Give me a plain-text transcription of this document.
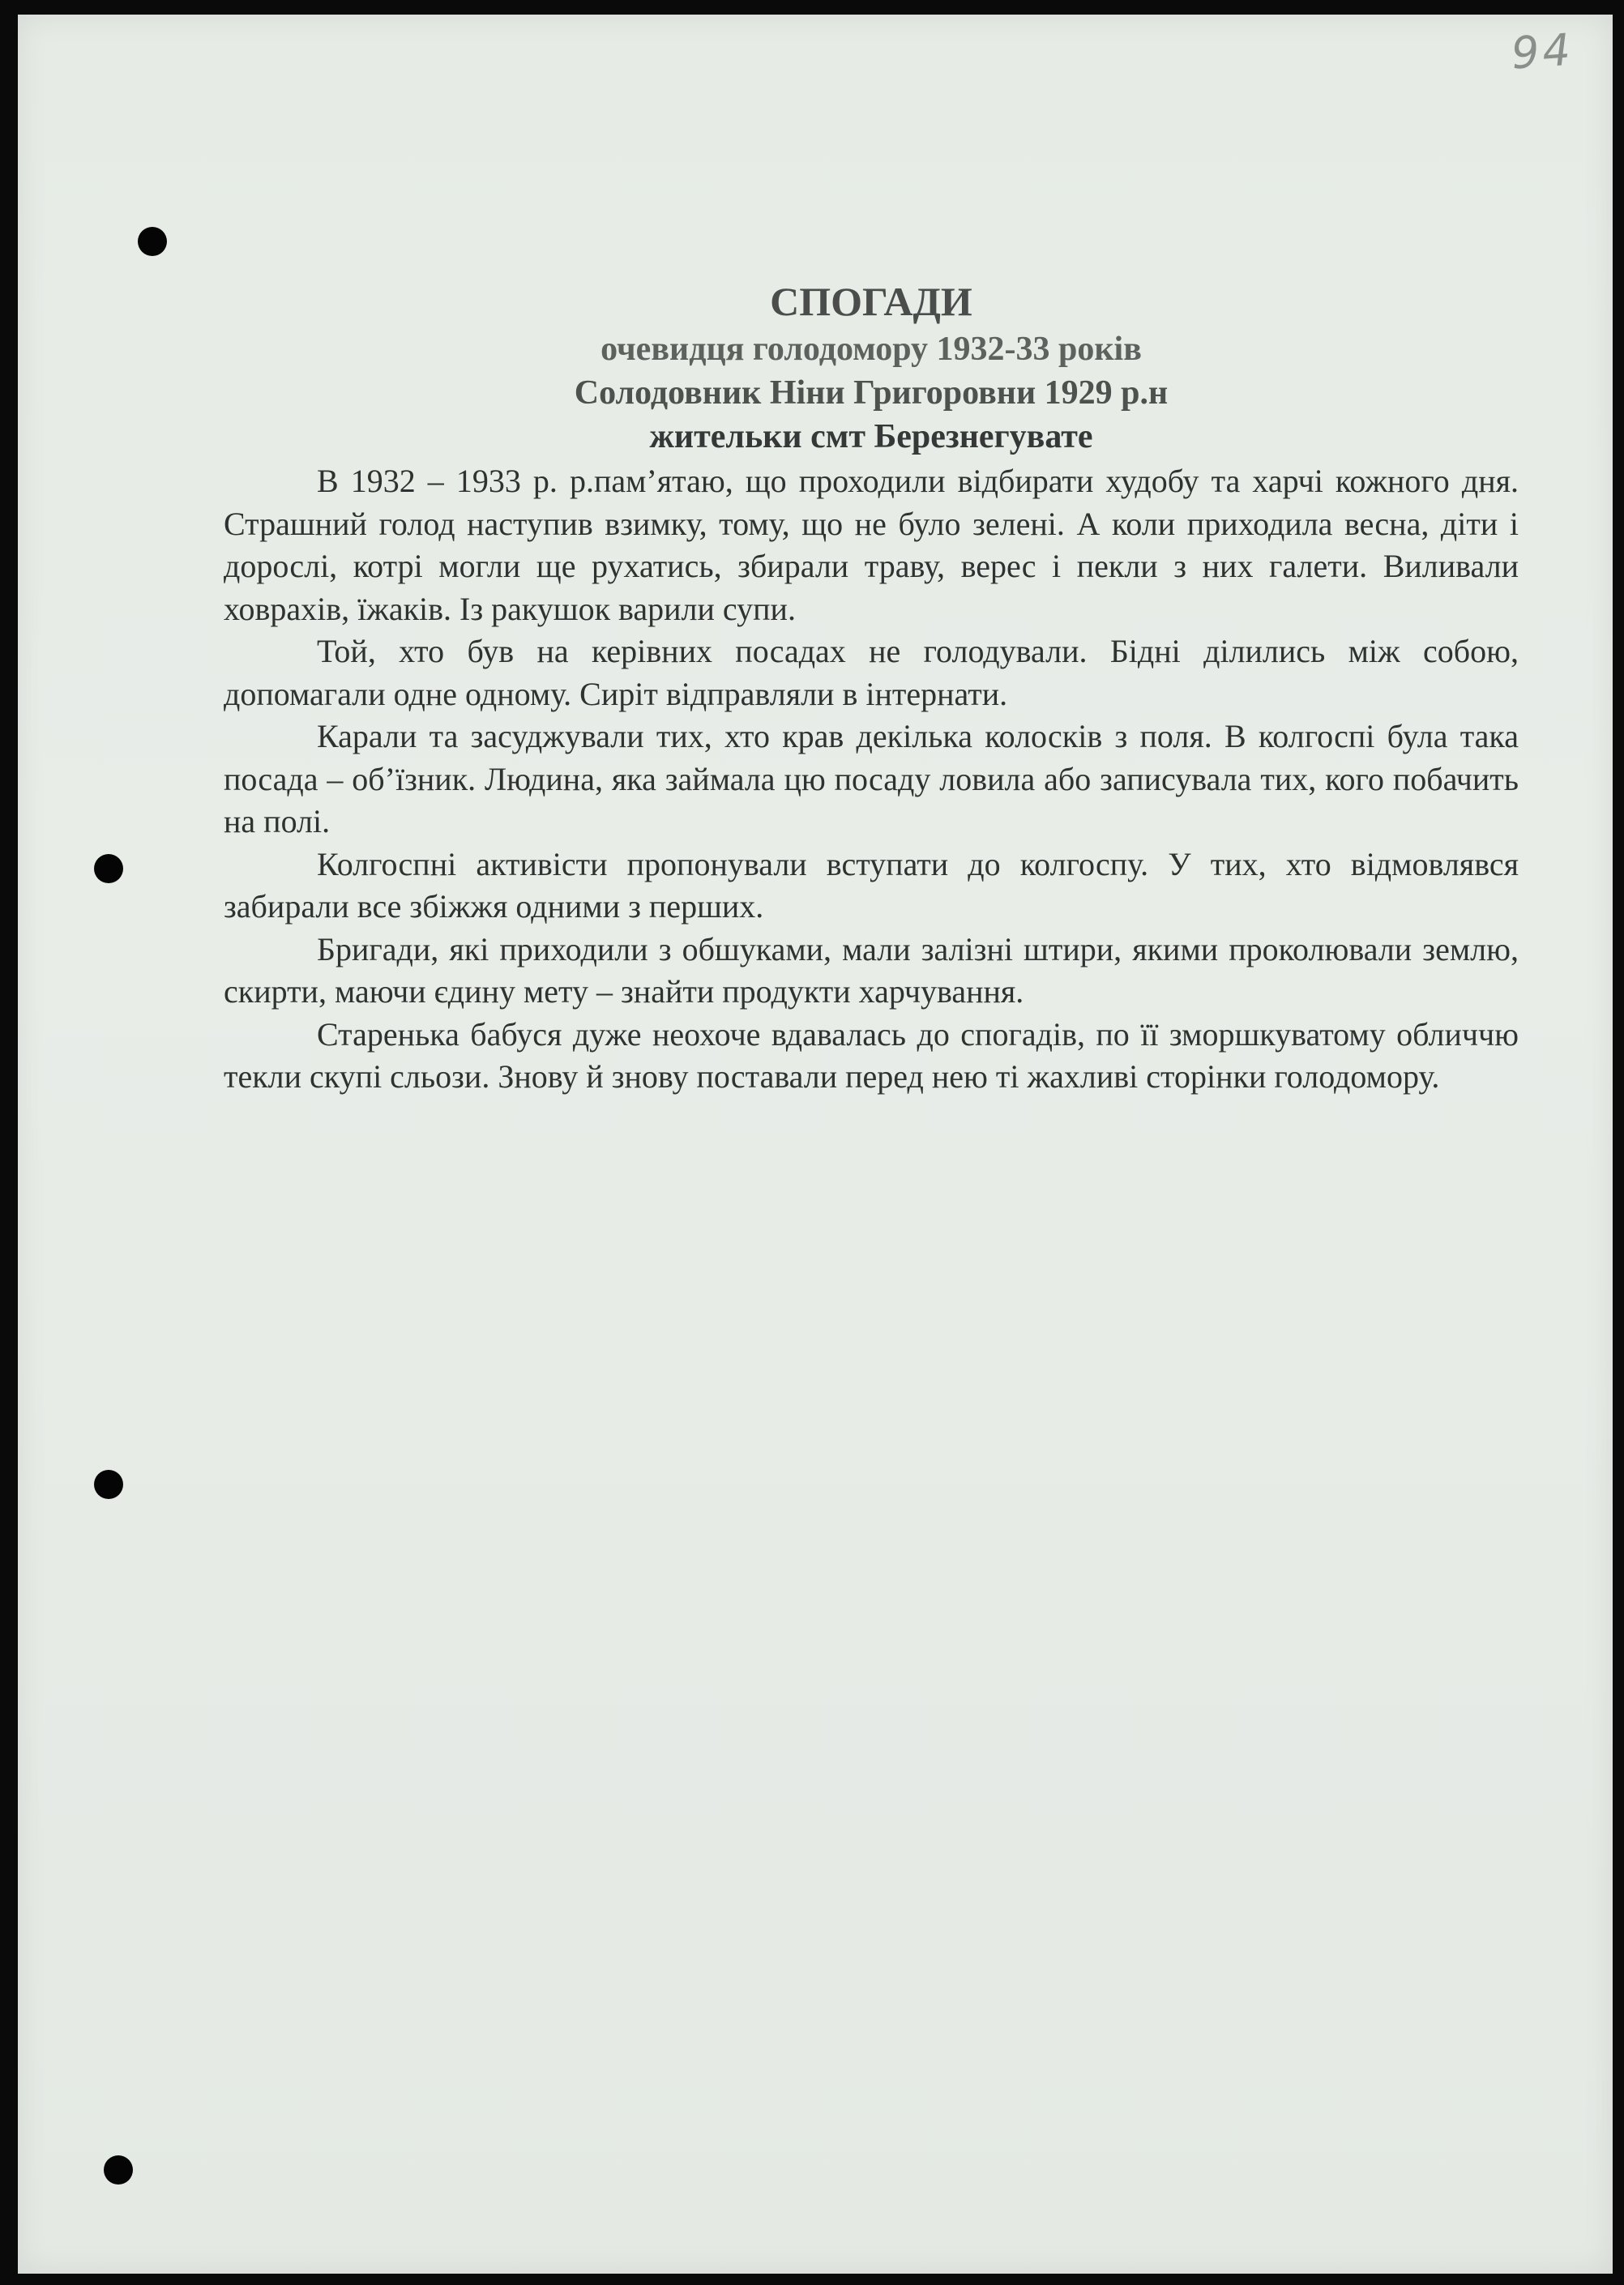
94
СПОГАДИ

очевидця голодомору 1932-33 років

Солодовник Ніни Григоровни 1929 р.н

жительки смт Березнегувате

В 1932 – 1933 р. р.пам’ятаю, що проходили відбирати худобу та харчі кожного дня. Страшний голод наступив взимку, тому, що не було зелені. А коли приходила весна, діти і дорослі, котрі могли ще рухатись, збирали траву, верес і пекли з них галети. Виливали ховрахів, їжаків. Із ракушок варили супи.

Той, хто був на керівних посадах не голодували. Бідні ділились між собою, допомагали одне одному. Сиріт відправляли в інтернати.

Карали та засуджували тих, хто крав декілька колосків з поля. В колгоспі була така посада – об’їзник. Людина, яка займала цю посаду ловила або записувала тих, кого побачить на полі.

Колгоспні активісти пропонували вступати до колгоспу. У тих, хто відмовлявся забирали все збіжжя одними з перших.

Бригади, які приходили з обшуками, мали залізні штири, якими проколювали землю, скирти, маючи єдину мету – знайти продукти харчування.

Старенька бабуся дуже неохоче вдавалась до спогадів, по її зморшкуватому обличчю текли скупі сльози. Знову й знову поставали перед нею ті жахливі сторінки голодомору.
